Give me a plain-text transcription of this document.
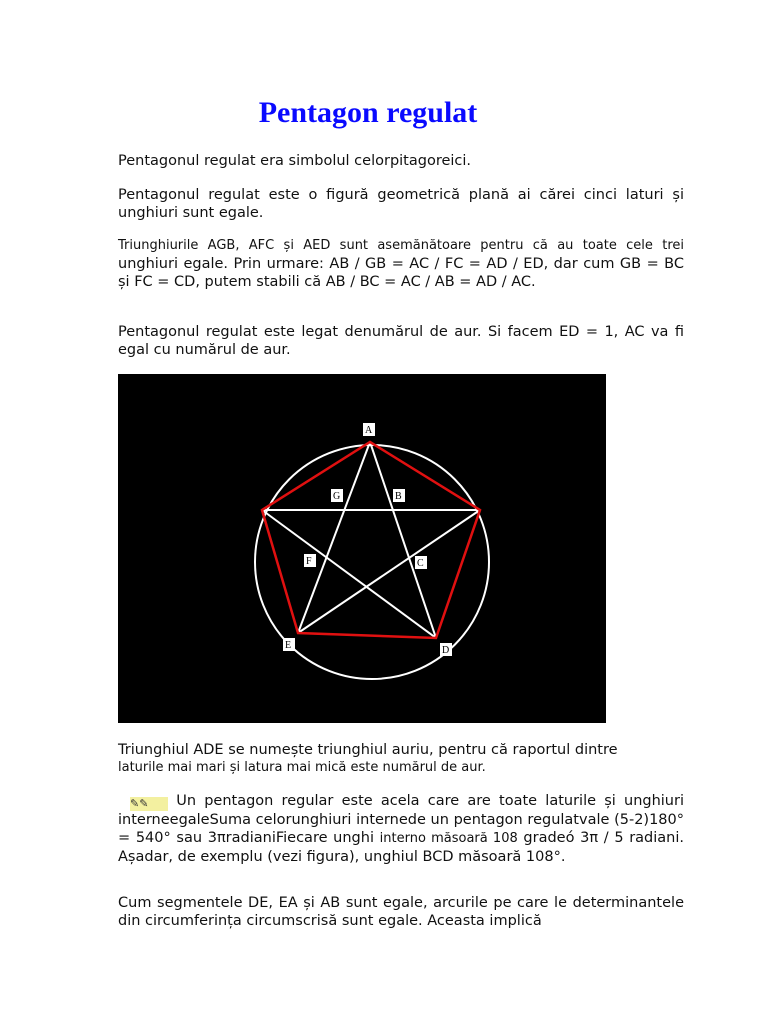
Pentagon regulat
Pentagonul regulat era simbolul celorpitagoreici.
Pentagonul regulat este o figură geometrică plană ai cărei cinci laturi și unghiuri sunt egale.
Triunghiurile AGB, AFC și AED sunt asemănătoare pentru că au toate cele trei unghiuri egale. Prin urmare: AB / GB = AC / FC = AD / ED, dar cum GB = BC și FC = CD, putem stabili că AB / BC = AC / AB = AD / AC.
Pentagonul regulat este legat denumărul de aur. Si facem ED = 1, AC va fi egal cu numărul de aur.
A
B
C
D
E
F
G
Triunghiul ADE se numește triunghiul auriu, pentru că raportul dintre
laturile mai mari și latura mai mică este numărul de aur.
✎✎ Un pentagon regular este acela care are toate laturile și unghiuri interneegaleSuma celorunghiuri internede un pentagon regulatvale (5-2)180° = 540° sau 3πradianiFiecare unghi interno măsoară 108 gradeó 3π / 5 radiani. Așadar, de exemplu (vezi figura), unghiul BCD măsoară 108°.
Cum segmentele DE, EA și AB sunt egale, arcurile pe care le determinantele din circumferința circumscrisă sunt egale. Aceasta implică
